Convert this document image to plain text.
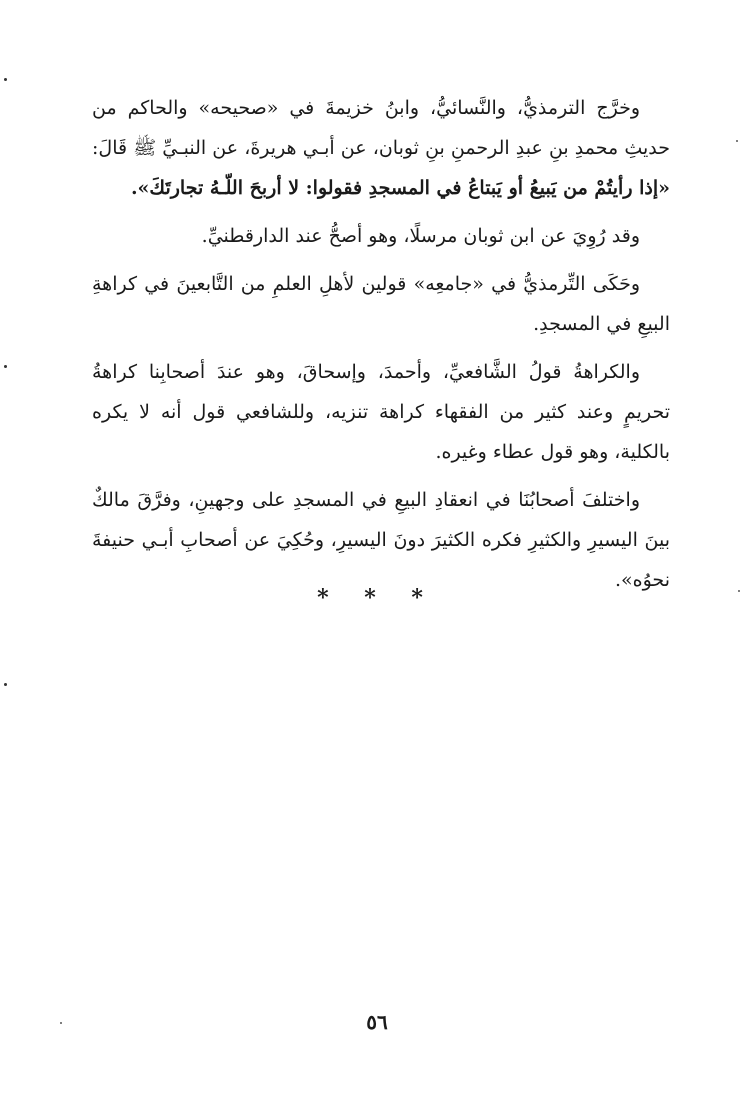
وخرَّج الترمذيُّ، والنَّسائيُّ، وابنُ خزيمةَ في «صحيحه» والحاكم من حديثِ محمدِ بنِ عبدِ الرحمنِ بنِ ثوبان، عن أبـي هريرةَ، عن النبـيِّ ﷺ قَالَ: «إذا رأيتُمْ من يَبيعُ أو يَبتاعُ في المسجدِ فقولوا: لا أربحَ اللّـهُ تجارتَكَ».

وقد رُوِيَ عن ابن ثوبان مرسلًا، وهو أصحُّ عند الدارقطنيِّ.

وحَكَى التِّرمذيُّ في «جامعِه» قولين لأهلِ العلمِ من التَّابعينَ في كراهةِ البيعِ في المسجدِ.

والكراهةُ قولُ الشَّافعيِّ، وأحمدَ، وإسحاقَ، وهو عندَ أصحابِنا كراهةُ تحريمٍ وعند كثير من الفقهاء كراهة تنزيه، وللشافعي قول أنه لا يكره بالكلية، وهو قول عطاء وغيره.

واختلفَ أصحابُنَا في انعقادِ البيعِ في المسجدِ على وجهينِ، وفرَّقَ مالكٌ بينَ اليسيرِ والكثيرِ فكره الكثيرَ دونَ اليسيرِ، وحُكِيَ عن أصحابِ أبـي حنيفةَ نحوُه».

* * *
٥٦
